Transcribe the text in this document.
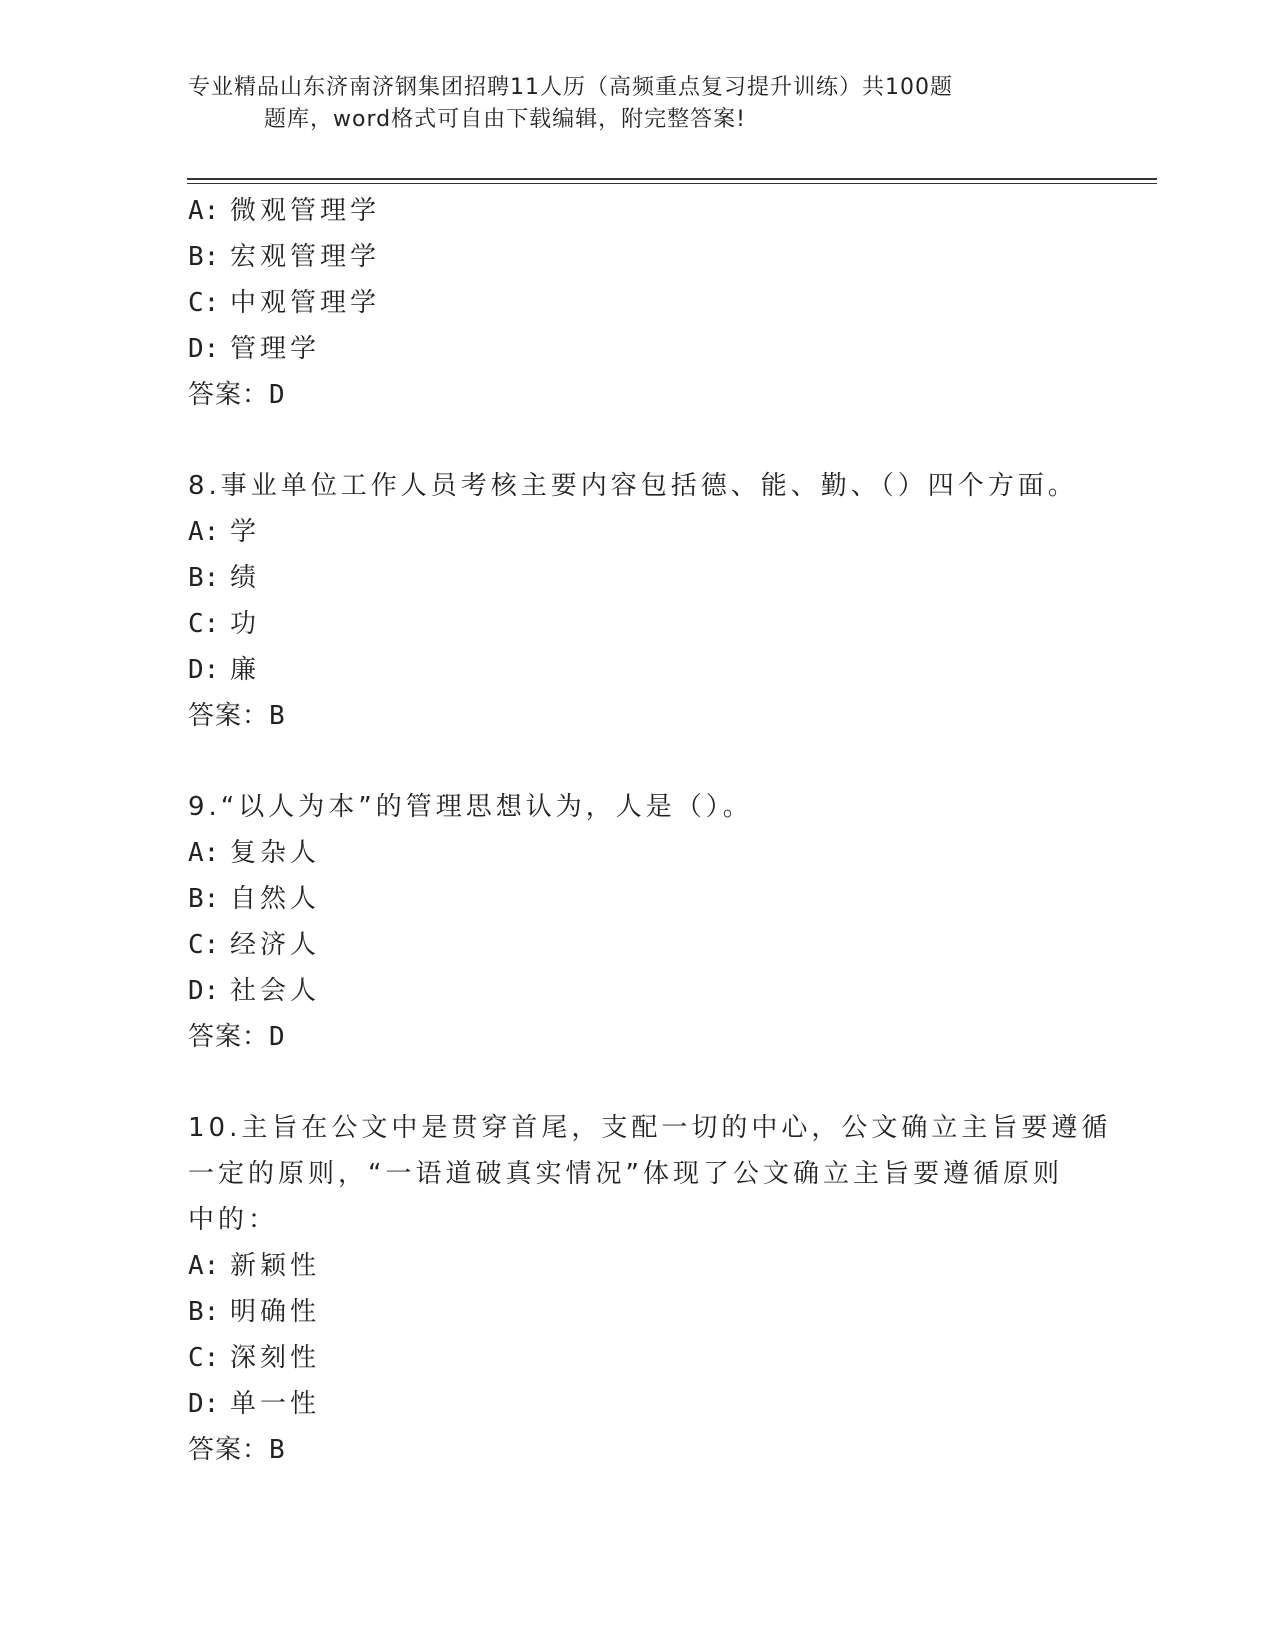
专业精品山东济南济钢集团招聘11人历（高频重点复习提升训练）共100题
题库，word格式可自由下载编辑，附完整答案!
A: 微观管理学
B: 宏观管理学
C: 中观管理学
D: 管理学
答案：D
8.事业单位工作人员考核主要内容包括德、能、勤、（）四个方面。
A: 学
B: 绩
C: 功
D: 廉
答案：B
9.“以人为本”的管理思想认为，人是（）。
A: 复杂人
B: 自然人
C: 经济人
D: 社会人
答案：D
10.主旨在公文中是贯穿首尾，支配一切的中心，公文确立主旨要遵循
一定的原则，“一语道破真实情况”体现了公文确立主旨要遵循原则
中的：
A: 新颖性
B: 明确性
C: 深刻性
D: 单一性
答案：B
